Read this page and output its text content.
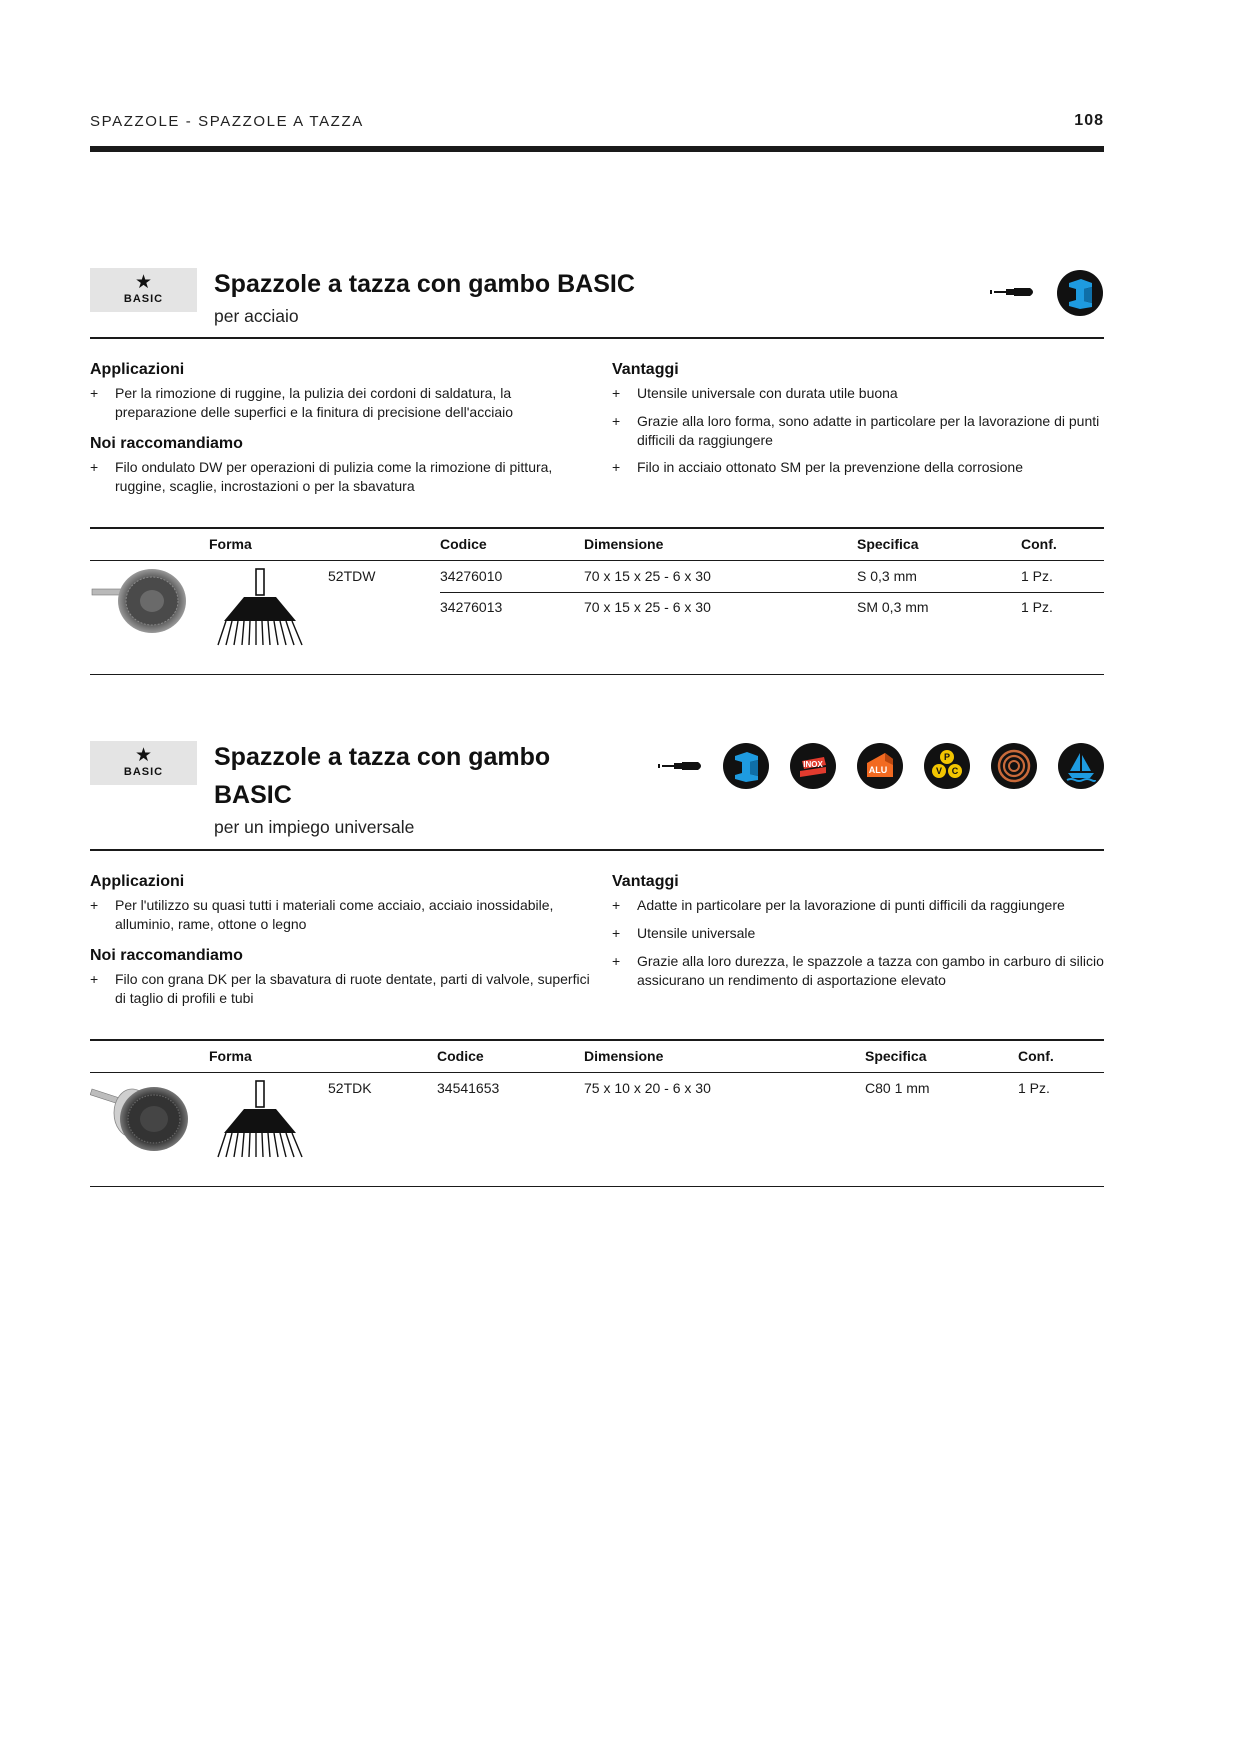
SPAZZOLE - SPAZZOLE A TAZZA	108
★
BASIC
Spazzole a tazza con gambo BASIC
per acciaio
Applicazioni
+	Per la rimozione di ruggine, la pulizia dei cordoni di saldatura, la preparazione delle superfici e la finitura di precisione dell'acciaio
Noi raccomandiamo
+	Filo ondulato DW per operazioni di pulizia come la rimozione di pittura, ruggine, scaglie, incrostazioni o per la sbavatura
Vantaggi
+	Utensile universale con durata utile buona
+	Grazie alla loro forma, sono adatte in particolare per la lavorazione di punti difficili da raggiungere
+	Filo in acciaio ottonato SM per la prevenzione della corrosione
Forma	Codice	Dimensione	Specifica	Conf.
52TDW	34276010	70 x 15 x 25 - 6 x 30	S 0,3 mm	1 Pz.
34276013	70 x 15 x 25 - 6 x 30	SM 0,3 mm	1 Pz.
★
BASIC
Spazzole a tazza con gambo
BASIC
per un impiego universale
INOX
ALU
P
V C
Applicazioni
+	Per l'utilizzo su quasi tutti i materiali come acciaio, acciaio inossidabile, alluminio, rame, ottone o legno
Noi raccomandiamo
+	Filo con grana DK per la sbavatura di ruote dentate, parti di valvole, superfici di taglio di profili e tubi
Vantaggi
+	Adatte in particolare per la lavorazione di punti difficili da raggiungere
+	Utensile universale
+	Grazie alla loro durezza, le spazzole a tazza con gambo in carburo di silicio assicurano un rendimento di asportazione elevato
Forma	Codice	Dimensione	Specifica	Conf.
52TDK	34541653	75 x 10 x 20 - 6 x 30	C80 1 mm	1 Pz.
